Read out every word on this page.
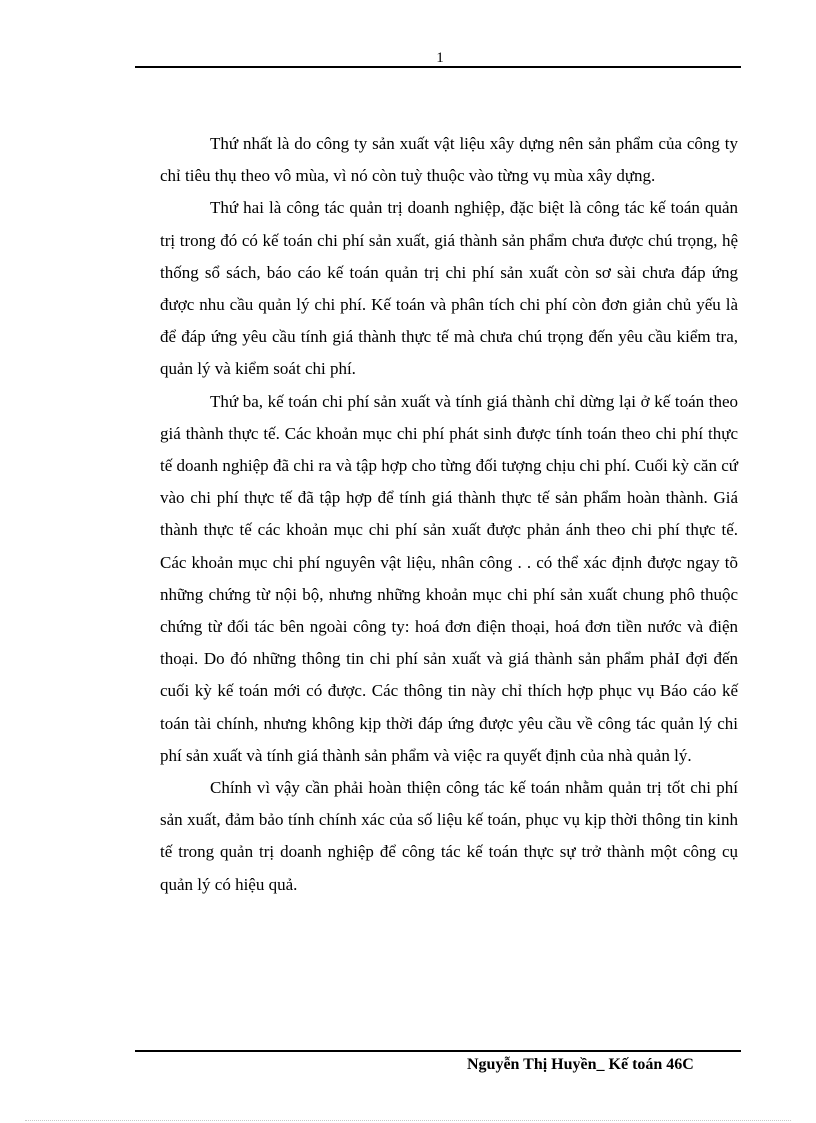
1

Thứ nhất là do công ty sản xuất vật liệu xây dựng nên sản phẩm của công ty chỉ tiêu thụ theo vô mùa, vì nó còn tuỳ thuộc vào từng vụ mùa xây dựng.

Thứ hai là công tác quản trị doanh nghiệp, đặc biệt là công tác kế toán quản trị trong đó có kế toán chi phí sản xuất, giá thành sản phẩm chưa được chú trọng, hệ thống sổ sách, báo cáo kế toán quản trị chi phí sản xuất còn sơ sài chưa đáp ứng được nhu cầu quản lý chi phí. Kế toán và phân tích chi phí còn đơn giản chủ yếu là để đáp ứng yêu cầu tính giá thành thực tế mà chưa chú trọng đến yêu cầu kiểm tra, quản lý và kiểm soát chi phí.

Thứ ba, kế toán chi phí sản xuất và tính giá thành chỉ dừng lại ở kế toán theo giá thành thực tế. Các khoản mục chi phí phát sinh được tính toán theo chi phí thực tế doanh nghiệp đã chi ra và tập hợp cho từng đối tượng chịu chi phí. Cuối kỳ căn cứ vào chi phí thực tế đã tập hợp để tính giá thành thực tế sản phẩm hoàn thành. Giá thành thực tế các khoản mục chi phí sản xuất được phản ánh theo chi phí thực tế. Các khoản mục chi phí nguyên vật liệu, nhân công . . có thể xác định được ngay tõ những chứng từ nội bộ, nhưng những khoản mục chi phí sản xuất chung phô thuộc chứng từ đối tác bên ngoài công ty: hoá đơn điện thoại, hoá đơn tiền nước và điện thoại. Do đó những thông tin chi phí sản xuất và giá thành sản phẩm phảI đợi đến cuối kỳ kế toán mới có được. Các thông tin này chỉ thích hợp phục vụ Báo cáo kế toán tài chính, nhưng không kịp thời đáp ứng được yêu cầu về công tác quản lý chi phí sản xuất và tính giá thành sản phẩm và việc ra quyết định của nhà quản lý.

Chính vì vậy cần phải hoàn thiện công tác kế toán nhằm quản trị tốt chi phí sản xuất, đảm bảo tính chính xác của số liệu kế toán, phục vụ kịp thời thông tin kinh tế trong quản trị doanh nghiệp để công tác kế toán thực sự trở thành một công cụ quản lý có hiệu quả.

Nguyễn Thị Huyền_ Kế toán 46C
